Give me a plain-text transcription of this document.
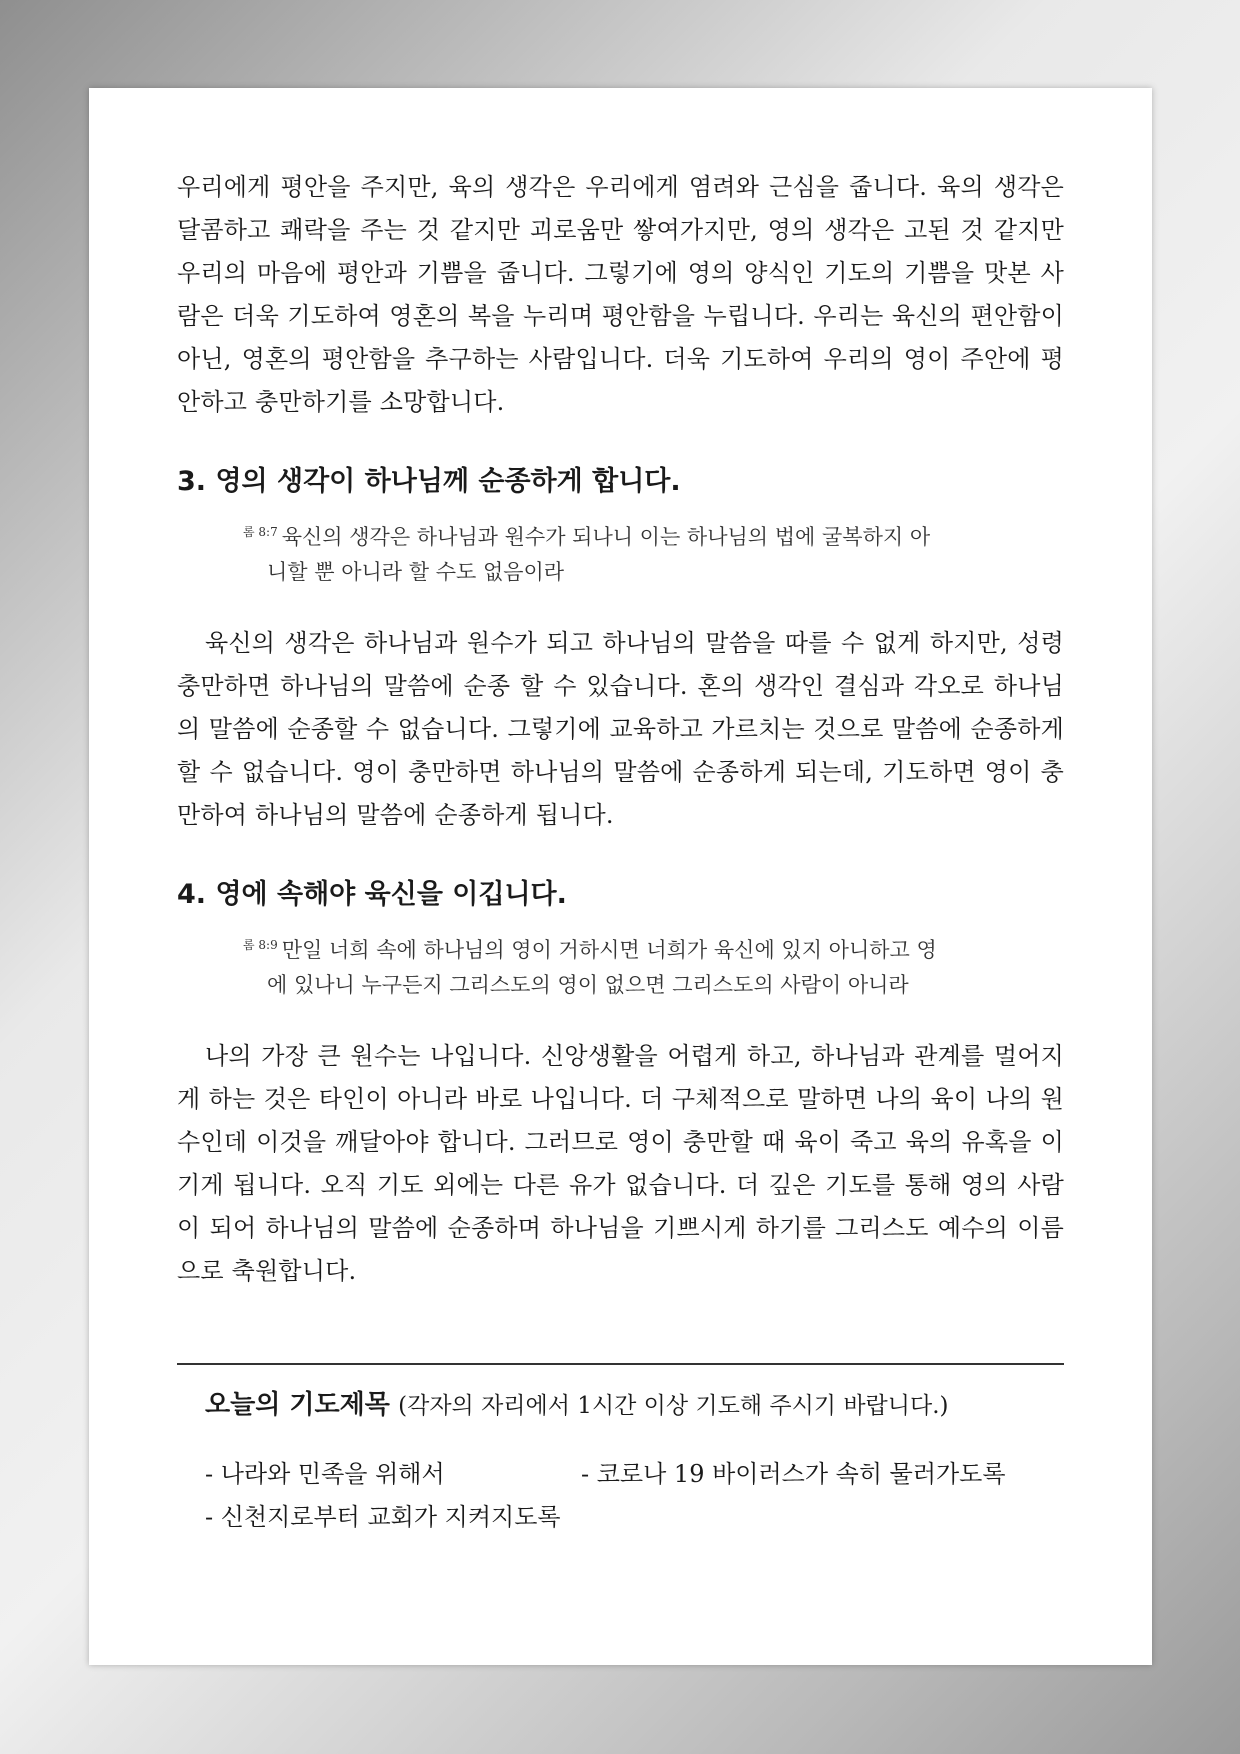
우리에게 평안을 주지만, 육의 생각은 우리에게 염려와 근심을 줍니다. 육의 생각은 달콤하고 쾌락을 주는 것 같지만 괴로움만 쌓여가지만, 영의 생각은 고된 것 같지만 우리의 마음에 평안과 기쁨을 줍니다. 그렇기에 영의 양식인 기도의 기쁨을 맛본 사람은 더욱 기도하여 영혼의 복을 누리며 평안함을 누립니다. 우리는 육신의 편안함이 아닌, 영혼의 평안함을 추구하는 사람입니다. 더욱 기도하여 우리의 영이 주안에 평안하고 충만하기를 소망합니다.

3. 영의 생각이 하나님께 순종하게 합니다.
$^{롬 8:7}$ 육신의 생각은 하나님과 원수가 되나니 이는 하나님의 법에 굴복하지 아
니할 뿐 아니라 할 수도 없음이라

육신의 생각은 하나님과 원수가 되고 하나님의 말씀을 따를 수 없게 하지만, 성령 충만하면 하나님의 말씀에 순종 할 수 있습니다. 혼의 생각인 결심과 각오로 하나님의 말씀에 순종할 수 없습니다. 그렇기에 교육하고 가르치는 것으로 말씀에 순종하게 할 수 없습니다. 영이 충만하면 하나님의 말씀에 순종하게 되는데, 기도하면 영이 충만하여 하나님의 말씀에 순종하게 됩니다.

4. 영에 속해야 육신을 이깁니다.
$^{롬 8:9}$ 만일 너희 속에 하나님의 영이 거하시면 너희가 육신에 있지 아니하고 영
에 있나니 누구든지 그리스도의 영이 없으면 그리스도의 사람이 아니라

나의 가장 큰 원수는 나입니다. 신앙생활을 어렵게 하고, 하나님과 관계를 멀어지게 하는 것은 타인이 아니라 바로 나입니다. 더 구체적으로 말하면 나의 육이 나의 원수인데 이것을 깨달아야 합니다. 그러므로 영이 충만할 때 육이 죽고 육의 유혹을 이기게 됩니다. 오직 기도 외에는 다른 유가 없습니다. 더 깊은 기도를 통해 영의 사람이 되어 하나님의 말씀에 순종하며 하나님을 기쁘시게 하기를 그리스도 예수의 이름으로 축원합니다.

오늘의 기도제목 (각자의 자리에서 1시간 이상 기도해 주시기 바랍니다.)

- 나라와 민족을 위해서	- 코로나 19 바이러스가 속히 물러가도록
- 신천지로부터 교회가 지켜지도록
